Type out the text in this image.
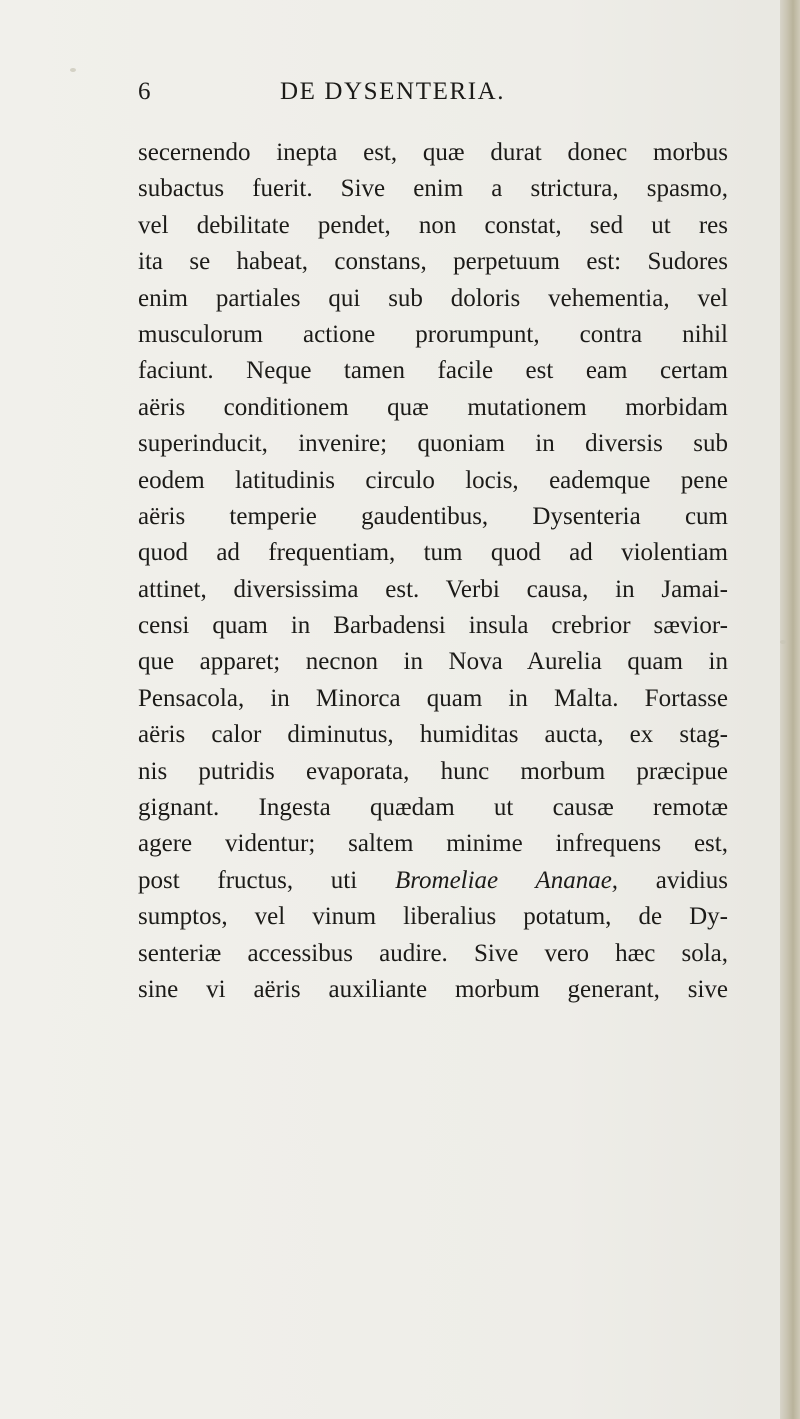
6	DE DYSENTERIA.
secernendo inepta est, quæ durat donec morbus
subactus fuerit. Sive enim a strictura, spasmo,
vel debilitate pendet, non constat, sed ut res
ita se habeat, constans, perpetuum est: Sudores
enim partiales qui sub doloris vehementia, vel
musculorum actione prorumpunt, contra nihil
faciunt. Neque tamen facile est eam certam
aëris conditionem quæ mutationem morbidam
superinducit, invenire; quoniam in diversis sub
eodem latitudinis circulo locis, eademque pene
aëris temperie gaudentibus, Dysenteria cum
quod ad frequentiam, tum quod ad violentiam
attinet, diversissima est. Verbi causa, in Jamai-
censi quam in Barbadensi insula crebrior sævior-
que apparet; necnon in Nova Aurelia quam in
Pensacola, in Minorca quam in Malta. Fortasse
aëris calor diminutus, humiditas aucta, ex stag-
nis putridis evaporata, hunc morbum præcipue
gignant. Ingesta quædam ut causæ remotæ
agere videntur; saltem minime infrequens est,
post fructus, uti Bromeliae Ananae, avidius
sumptos, vel vinum liberalius potatum, de Dy-
senteriæ accessibus audire. Sive vero hæc sola,
sine vi aëris auxiliante morbum generant, sive
